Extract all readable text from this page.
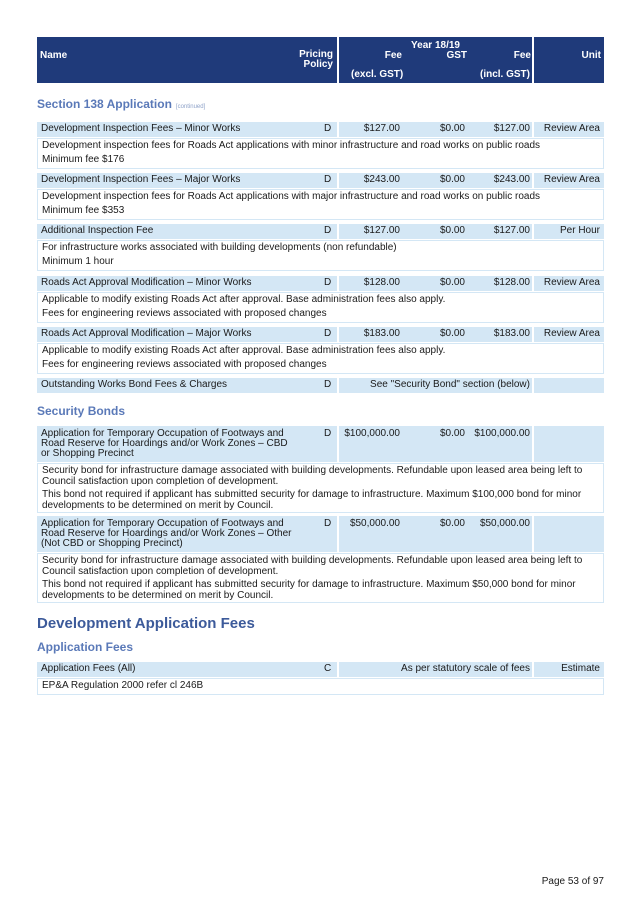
Name	Pricing
Policy
Year 18/19
Fee	GST	Fee
(excl. GST)	(incl. GST)
Unit
Section 138 Application [continued]
Development Inspection Fees – Minor Works	D	$127.00	$0.00	$127.00	Review Area

Development inspection fees for Roads Act applications with minor infrastructure and road works on public roads

Minimum fee $176

Development Inspection Fees – Major Works	D	$243.00	$0.00	$243.00	Review Area

Development inspection fees for Roads Act applications with major infrastructure and road works on public roads

Minimum fee $353

Additional Inspection Fee	D	$127.00	$0.00	$127.00	Per Hour

For infrastructure works associated with building developments (non refundable)

Minimum 1 hour

Roads Act Approval Modification – Minor Works	D	$128.00	$0.00	$128.00	Review Area

Applicable to modify existing Roads Act after approval. Base administration fees also apply.

Fees for engineering reviews associated with proposed changes

Roads Act Approval Modification – Major Works	D	$183.00	$0.00	$183.00	Review Area

Applicable to modify existing Roads Act after approval. Base administration fees also apply.

Fees for engineering reviews associated with proposed changes

Outstanding Works Bond Fees & Charges	D	See "Security Bond" section (below)
Security Bonds
Application for Temporary Occupation of Footways and
Road Reserve for Hoardings and/or Work Zones – CBD
or Shopping Precinct
D	$100,000.00	$0.00 $100,000.00

Security bond for infrastructure damage associated with building developments. Refundable upon leased area being left to

Council satisfaction upon completion of development.

This bond not required if applicant has submitted security for damage to infrastructure. Maximum $100,000 bond for minor

developments to be determined on merit by Council.

Application for Temporary Occupation of Footways and
Road Reserve for Hoardings and/or Work Zones – Other
(Not CBD or Shopping Precinct)
D	$50,000.00	$0.00	$50,000.00

Security bond for infrastructure damage associated with building developments. Refundable upon leased area being left to

Council satisfaction upon completion of development.

This bond not required if applicant has submitted security for damage to infrastructure. Maximum $50,000 bond for minor

developments to be determined on merit by Council.

Development Application Fees
Application Fees
Application Fees (All)	C	As per statutory scale of fees	Estimate

EP&A Regulation 2000 refer cl 246B

Page 53 of 97
